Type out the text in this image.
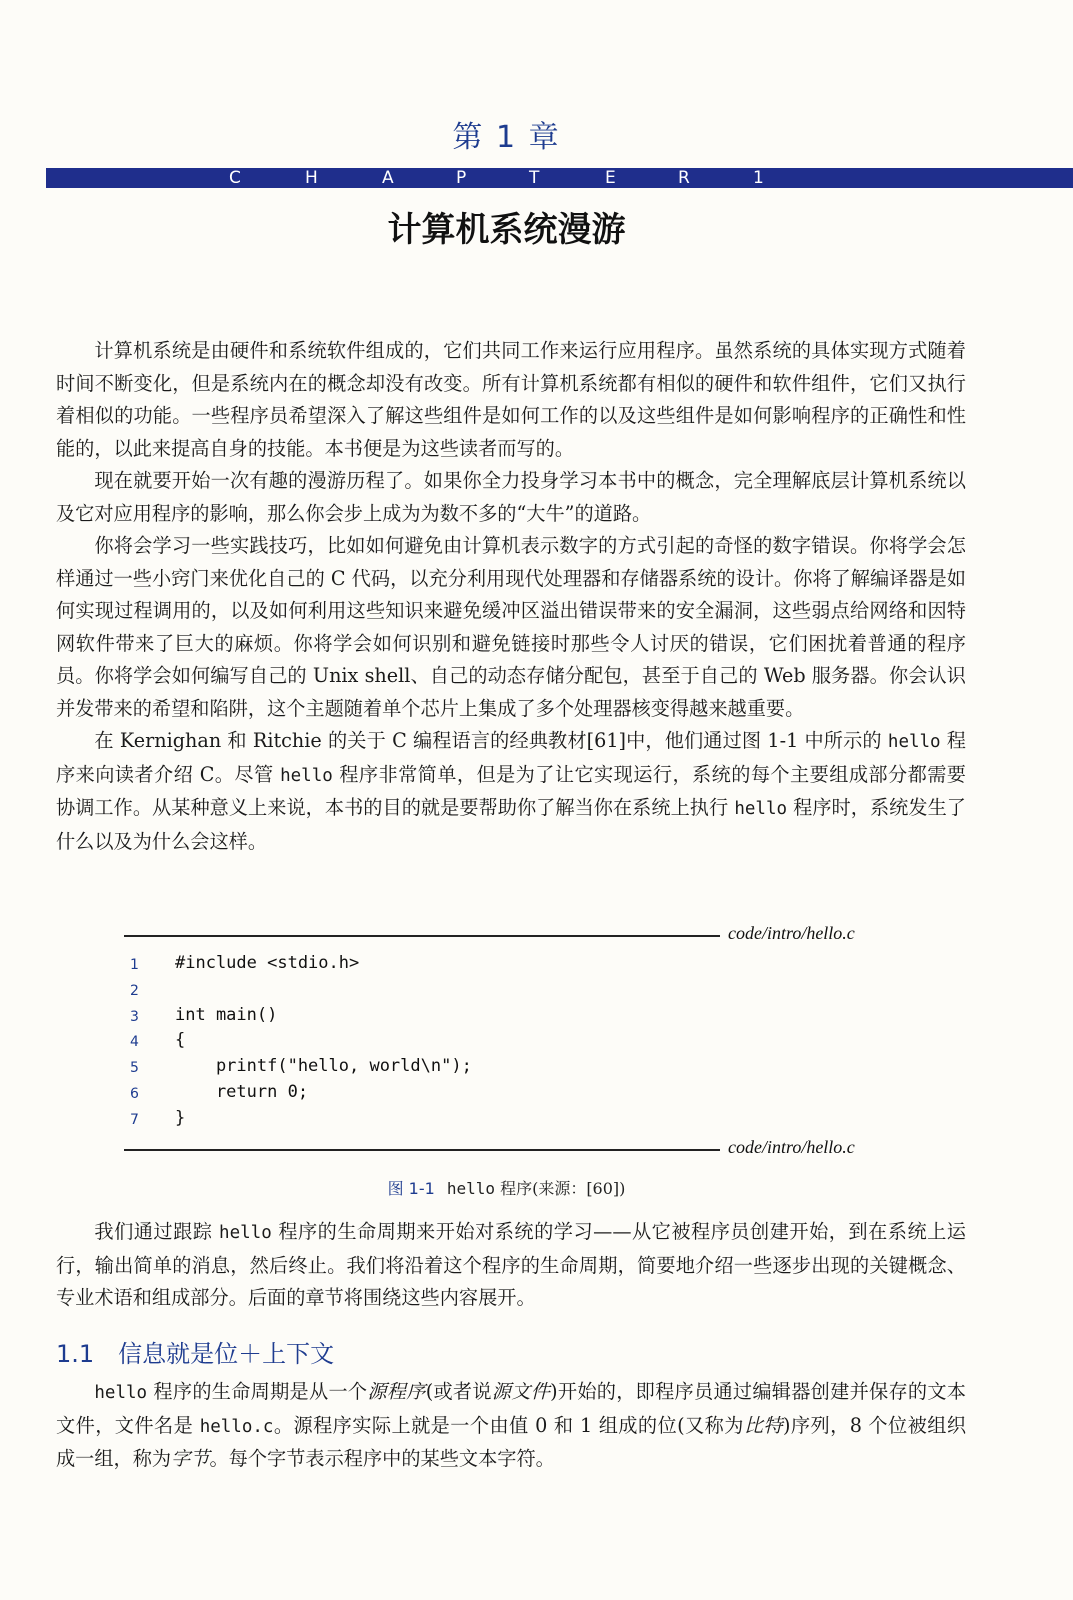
第 1 章
C	H	A	P	T	E	R	1
计算机系统漫游

计算机系统是由硬件和系统软件组成的，它们共同工作来运行应用程序。虽然系统的具体实现方式随着时间不断变化，但是系统内在的概念却没有改变。所有计算机系统都有相似的硬件和软件组件，它们又执行着相似的功能。一些程序员希望深入了解这些组件是如何工作的以及这些组件是如何影响程序的正确性和性能的，以此来提高自身的技能。本书便是为这些读者而写的。

现在就要开始一次有趣的漫游历程了。如果你全力投身学习本书中的概念，完全理解底层计算机系统以及它对应用程序的影响，那么你会步上成为为数不多的“大牛”的道路。

你将会学习一些实践技巧，比如如何避免由计算机表示数字的方式引起的奇怪的数字错误。你将学会怎样通过一些小窍门来优化自己的 C 代码，以充分利用现代处理器和存储器系统的设计。你将了解编译器是如何实现过程调用的，以及如何利用这些知识来避免缓冲区溢出错误带来的安全漏洞，这些弱点给网络和因特网软件带来了巨大的麻烦。你将学会如何识别和避免链接时那些令人讨厌的错误，它们困扰着普通的程序员。你将学会如何编写自己的 Unix shell、自己的动态存储分配包，甚至于自己的 Web 服务器。你会认识并发带来的希望和陷阱，这个主题随着单个芯片上集成了多个处理器核变得越来越重要。

在 Kernighan 和 Ritchie 的关于 C 编程语言的经典教材[61]中，他们通过图 1-1 中所示的 hello 程序来向读者介绍 C。尽管 hello 程序非常简单，但是为了让它实现运行，系统的每个主要组成部分都需要协调工作。从某种意义上来说，本书的目的就是要帮助你了解当你在系统上执行 hello 程序时，系统发生了什么以及为什么会这样。

code/intro/hello.c
1	#include <stdio.h>
2
3	int main()
4	{
5	printf("hello, world\n");
6	return 0;
7	}
code/intro/hello.c
图 1-1 hello 程序(来源：[60])

我们通过跟踪 hello 程序的生命周期来开始对系统的学习——从它被程序员创建开始，到在系统上运行，输出简单的消息，然后终止。我们将沿着这个程序的生命周期，简要地介绍一些逐步出现的关键概念、专业术语和组成部分。后面的章节将围绕这些内容展开。

1.1 信息就是位＋上下文

hello 程序的生命周期是从一个源程序(或者说源文件)开始的，即程序员通过编辑器创建并保存的文本文件，文件名是 hello.c。源程序实际上就是一个由值 0 和 1 组成的位(又称为比特)序列，8 个位被组织成一组，称为字节。每个字节表示程序中的某些文本字符。
